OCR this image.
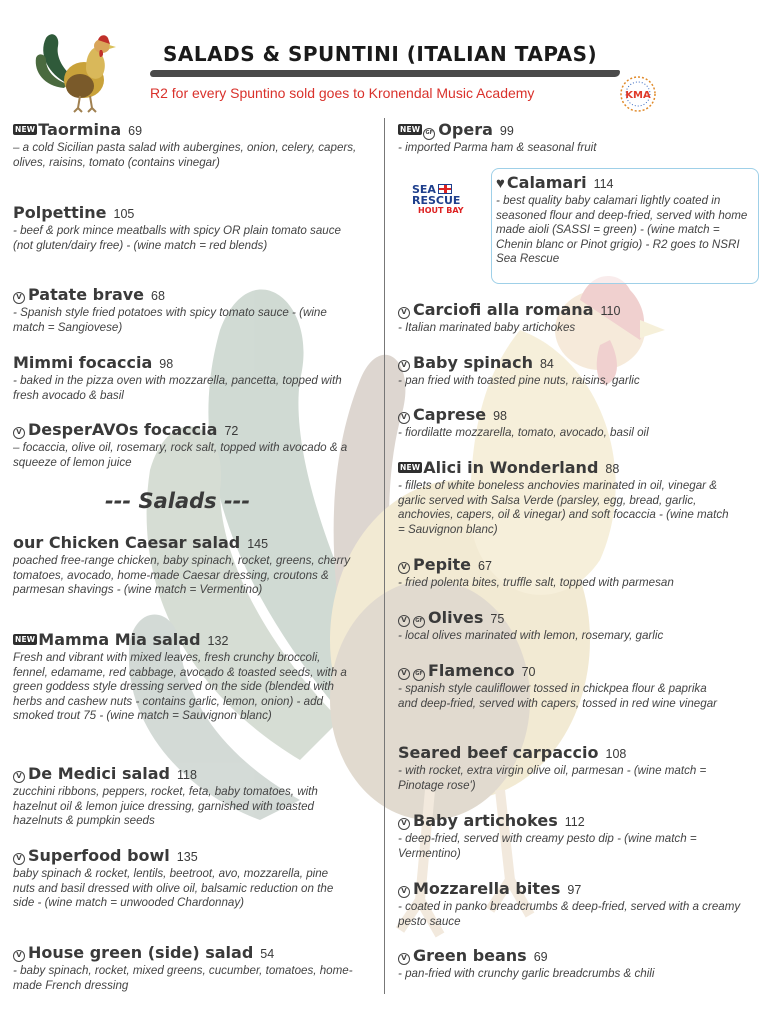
SALADS & SPUNTINI (ITALIAN TAPAS)
R2 for every Spuntino sold goes to Kronendal Music Academy	KMA
NEW Taormina 69
– a cold Sicilian pasta salad with aubergines, onion, celery, capers, olives, raisins, tomato (contains vinegar)
Polpettine 105
- beef & pork mince meatballs with spicy OR plain tomato sauce (not gluten/dairy free) - (wine match = red blends)
V Patate brave 68
- Spanish style fried potatoes with spicy tomato sauce - (wine match = Sangiovese)
Mimmi focaccia 98
- baked in the pizza oven with mozzarella, pancetta, topped with fresh avocado & basil
V DesperAVOs focaccia 72
– focaccia, olive oil, rosemary, rock salt, topped with avocado & a squeeze of lemon juice
--- Salads ---
our Chicken Caesar salad 145
poached free-range chicken, baby spinach, rocket, greens, cherry tomatoes, avocado, home-made Caesar dressing, croutons & parmesan shavings - (wine match = Vermentino)
NEW Mamma Mia salad 132
Fresh and vibrant with mixed leaves, fresh crunchy broccoli, fennel, edamame, red cabbage, avocado & toasted seeds, with a green goddess style dressing served on the side (blended with herbs and cashew nuts - contains garlic, lemon, onion) - add smoked trout 75 - (wine match = Sauvignon blanc)
V De Medici salad 118
zucchini ribbons, peppers, rocket, feta, baby tomatoes, with hazelnut oil & lemon juice dressing, garnished with toasted hazelnuts & pumpkin seeds
V Superfood bowl 135
baby spinach & rocket, lentils, beetroot, avo, mozzarella, pine nuts and basil dressed with olive oil, balsamic reduction on the side - (wine match = unwooded Chardonnay)
V House green (side) salad 54
- baby spinach, rocket, mixed greens, cucumber, tomatoes, home-made French dressing
NEW GF Opera 99
- imported Parma ham & seasonal fruit
SEA
RESCUE
HOUT BAY
♥ Calamari 114
- best quality baby calamari lightly coated in seasoned flour and deep-fried, served with home made aioli (SASSI = green) - (wine match = Chenin blanc or Pinot grigio) - R2 goes to NSRI Sea Rescue
V Carciofi alla romana 110
- Italian marinated baby artichokes
V Baby spinach 84
- pan fried with toasted pine nuts, raisins, garlic
V Caprese 98
- fiordilatte mozzarella, tomato, avocado, basil oil
NEW Alici in Wonderland 88
- fillets of white boneless anchovies marinated in oil, vinegar & garlic served with Salsa Verde (parsley, egg, bread, garlic, anchovies, capers, oil & vinegar) and soft focaccia - (wine match = Sauvignon blanc)
V Pepite 67
- fried polenta bites, truffle salt, topped with parmesan
V GF Olives 75
- local olives marinated with lemon, rosemary, garlic
V GF Flamenco 70
- spanish style cauliflower tossed in chickpea flour & paprika and deep-fried, served with capers, tossed in red wine vinegar
Seared beef carpaccio 108
- with rocket, extra virgin olive oil, parmesan - (wine match = Pinotage rose')
V Baby artichokes 112
- deep-fried, served with creamy pesto dip - (wine match = Vermentino)
V Mozzarella bites 97
- coated in panko breadcrumbs & deep-fried, served with a creamy pesto sauce
V Green beans 69
- pan-fried with crunchy garlic breadcrumbs & chili
